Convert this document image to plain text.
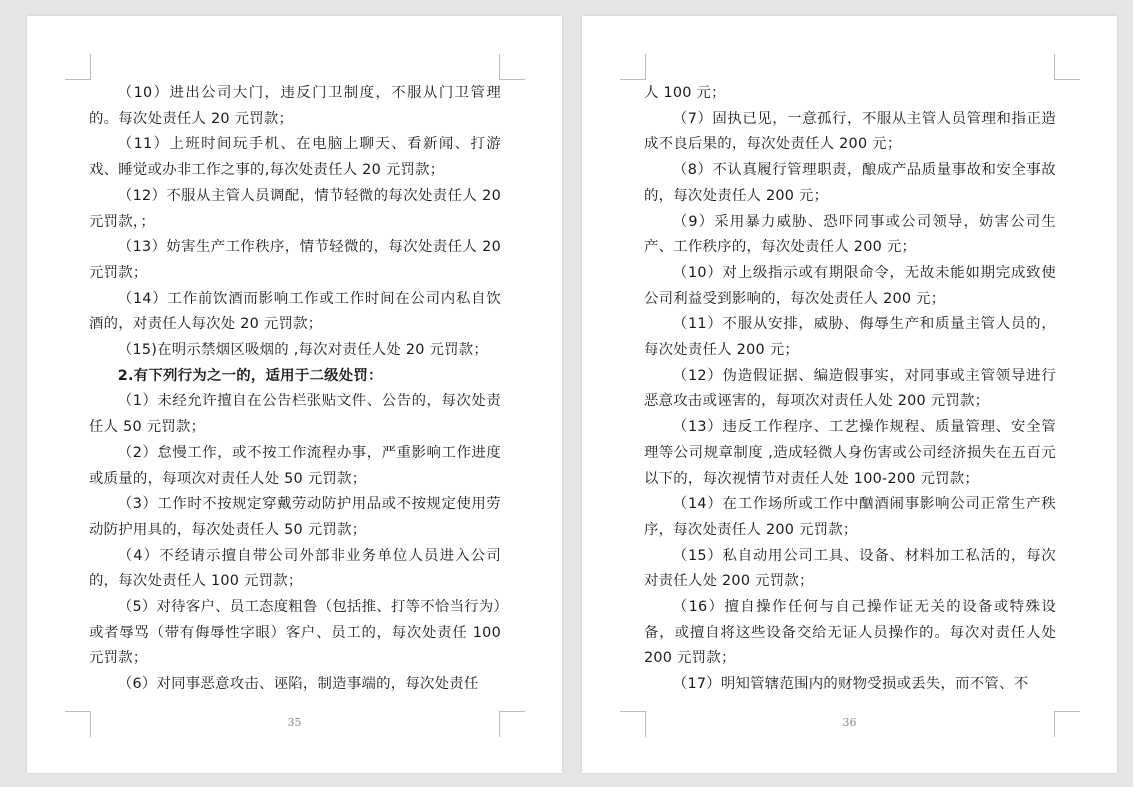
（10）进出公司大门，违反门卫制度，不服从门卫管理的。每次处责任人 20 元罚款；

（11）上班时间玩手机、在电脑上聊天、看新闻、打游戏、睡觉或办非工作之事的,每次处责任人 20 元罚款；

（12）不服从主管人员调配，情节轻微的每次处责任人 20 元罚款，；

（13）妨害生产工作秩序，情节轻微的，每次处责任人 20 元罚款；

（14）工作前饮酒而影响工作或工作时间在公司内私自饮酒的，对责任人每次处 20 元罚款；

（15)在明示禁烟区吸烟的 ,每次对责任人处 20 元罚款；

2.有下列行为之一的，适用于二级处罚：

（1）未经允许擅自在公告栏张贴文件、公告的，每次处责任人 50 元罚款；

（2）怠慢工作，或不按工作流程办事，严重影响工作进度或质量的，每项次对责任人处 50 元罚款；

（3）工作时不按规定穿戴劳动防护用品或不按规定使用劳动防护用具的，每次处责任人 50 元罚款；

（4）不经请示擅自带公司外部非业务单位人员进入公司的，每次处责任人 100 元罚款；

（5）对待客户、员工态度粗鲁（包括推、打等不恰当行为）或者辱骂（带有侮辱性字眼）客户、员工的，每次处责任 100 元罚款；

（6）对同事恶意攻击、诬陷，制造事端的，每次处责任

35

人 100 元；

（7）固执已见，一意孤行，不服从主管人员管理和指正造成不良后果的，每次处责任人 200 元；

（8）不认真履行管理职责，酿成产品质量事故和安全事故的，每次处责任人 200 元；

（9）采用暴力威胁、恐吓同事或公司领导，妨害公司生产、工作秩序的，每次处责任人 200 元；

（10）对上级指示或有期限命令，无故未能如期完成致使公司利益受到影响的，每次处责任人 200 元；

（11）不服从安排，威胁、侮辱生产和质量主管人员的，每次处责任人 200 元；

（12）伪造假证据、编造假事实，对同事或主管领导进行恶意攻击或诬害的，每项次对责任人处 200 元罚款；

（13）违反工作程序、工艺操作规程、质量管理、安全管理等公司规章制度 ,造成轻微人身伤害或公司经济损失在五百元以下的，每次视情节对责任人处 100-200 元罚款；

（14）在工作场所或工作中酗酒闹事影响公司正常生产秩序，每次处责任人 200 元罚款；

（15）私自动用公司工具、设备、材料加工私活的，每次对责任人处 200 元罚款；

（16）擅自操作任何与自己操作证无关的设备或特殊设备，或擅自将这些设备交给无证人员操作的。每次对责任人处 200 元罚款；

（17）明知管辖范围内的财物受损或丢失，而不管、不

36
